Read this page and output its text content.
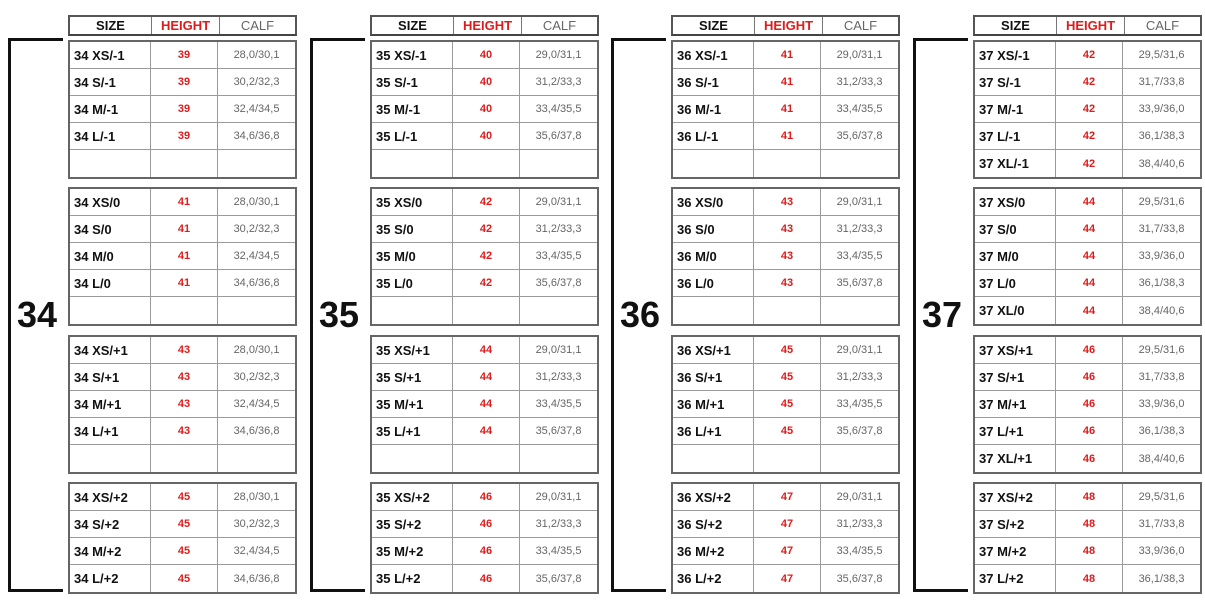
SIZE	HEIGHT	CALF
34
34 XS/-1	39	28,0/30,1
34 S/-1	39	30,2/32,3
34 M/-1	39	32,4/34,5
34 L/-1	39	34,6/36,8
34 XS/0	41	28,0/30,1
34 S/0	41	30,2/32,3
34 M/0	41	32,4/34,5
34 L/0	41	34,6/36,8
34 XS/+1	43	28,0/30,1
34 S/+1	43	30,2/32,3
34 M/+1	43	32,4/34,5
34 L/+1	43	34,6/36,8
34 XS/+2	45	28,0/30,1
34 S/+2	45	30,2/32,3
34 M/+2	45	32,4/34,5
34 L/+2	45	34,6/36,8
SIZE	HEIGHT	CALF
35
35 XS/-1	40	29,0/31,1
35 S/-1	40	31,2/33,3
35 M/-1	40	33,4/35,5
35 L/-1	40	35,6/37,8
35 XS/0	42	29,0/31,1
35 S/0	42	31,2/33,3
35 M/0	42	33,4/35,5
35 L/0	42	35,6/37,8
35 XS/+1	44	29,0/31,1
35 S/+1	44	31,2/33,3
35 M/+1	44	33,4/35,5
35 L/+1	44	35,6/37,8
35 XS/+2	46	29,0/31,1
35 S/+2	46	31,2/33,3
35 M/+2	46	33,4/35,5
35 L/+2	46	35,6/37,8
SIZE	HEIGHT	CALF
36
36 XS/-1	41	29,0/31,1
36 S/-1	41	31,2/33,3
36 M/-1	41	33,4/35,5
36 L/-1	41	35,6/37,8
36 XS/0	43	29,0/31,1
36 S/0	43	31,2/33,3
36 M/0	43	33,4/35,5
36 L/0	43	35,6/37,8
36 XS/+1	45	29,0/31,1
36 S/+1	45	31,2/33,3
36 M/+1	45	33,4/35,5
36 L/+1	45	35,6/37,8
36 XS/+2	47	29,0/31,1
36 S/+2	47	31,2/33,3
36 M/+2	47	33,4/35,5
36 L/+2	47	35,6/37,8
SIZE	HEIGHT	CALF
37
37 XS/-1	42	29,5/31,6
37 S/-1	42	31,7/33,8
37 M/-1	42	33,9/36,0
37 L/-1	42	36,1/38,3
37 XL/-1	42	38,4/40,6
37 XS/0	44	29,5/31,6
37 S/0	44	31,7/33,8
37 M/0	44	33,9/36,0
37 L/0	44	36,1/38,3
37 XL/0	44	38,4/40,6
37 XS/+1	46	29,5/31,6
37 S/+1	46	31,7/33,8
37 M/+1	46	33,9/36,0
37 L/+1	46	36,1/38,3
37 XL/+1	46	38,4/40,6
37 XS/+2	48	29,5/31,6
37 S/+2	48	31,7/33,8
37 M/+2	48	33,9/36,0
37 L/+2	48	36,1/38,3
